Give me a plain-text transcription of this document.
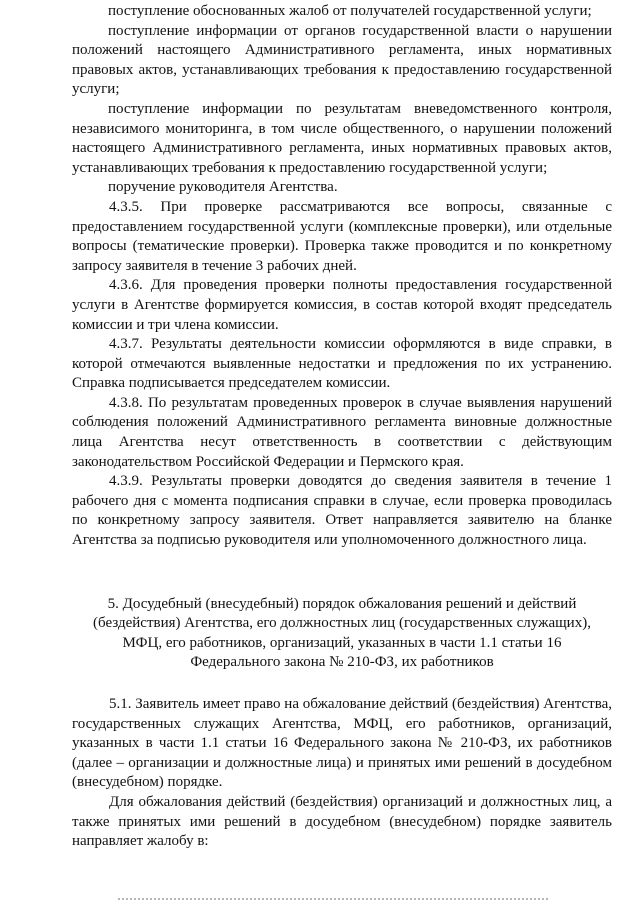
поступление обоснованных жалоб от получателей государственной услуги;

поступление информации от органов государственной власти о нарушении положений настоящего Административного регламента, иных нормативных правовых актов, устанавливающих требования к предоставлению государственной услуги;

поступление информации по результатам вневедомственного контроля, независимого мониторинга, в том числе общественного, о нарушении положений настоящего Административного регламента, иных нормативных правовых актов, устанавливающих требования к предоставлению государственной услуги;

поручение руководителя Агентства.

4.3.5. При проверке рассматриваются все вопросы, связанные с предоставлением государственной услуги (комплексные проверки), или отдельные вопросы (тематические проверки). Проверка также проводится и по конкретному запросу заявителя в течение 3 рабочих дней.

4.3.6. Для проведения проверки полноты предоставления государственной услуги в Агентстве формируется комиссия, в состав которой входят председатель комиссии и три члена комиссии.

4.3.7. Результаты деятельности комиссии оформляются в виде справки, в которой отмечаются выявленные недостатки и предложения по их устранению. Справка подписывается председателем комиссии.

4.3.8. По результатам проведенных проверок в случае выявления нарушений соблюдения положений Административного регламента виновные должностные лица Агентства несут ответственность в соответствии с действующим законодательством Российской Федерации и Пермского края.

4.3.9. Результаты проверки доводятся до сведения заявителя в течение 1 рабочего дня с момента подписания справки в случае, если проверка проводилась по конкретному запросу заявителя. Ответ направляется заявителю на бланке Агентства за подписью руководителя или уполномоченного должностного лица.

5. Досудебный (внесудебный) порядок обжалования решений и действий (бездействия) Агентства, его должностных лиц (государственных служащих), МФЦ, его работников, организаций, указанных в части 1.1 статьи 16 Федерального закона № 210-ФЗ, их работников

5.1. Заявитель имеет право на обжалование действий (бездействия) Агентства, государственных служащих Агентства, МФЦ, его работников, организаций, указанных в части 1.1 статьи 16 Федерального закона № 210-ФЗ, их работников (далее – организации и должностные лица) и принятых ими решений в досудебном (внесудебном) порядке.

Для обжалования действий (бездействия) организаций и должностных лиц, а также принятых ими решений в досудебном (внесудебном) порядке заявитель направляет жалобу в:
